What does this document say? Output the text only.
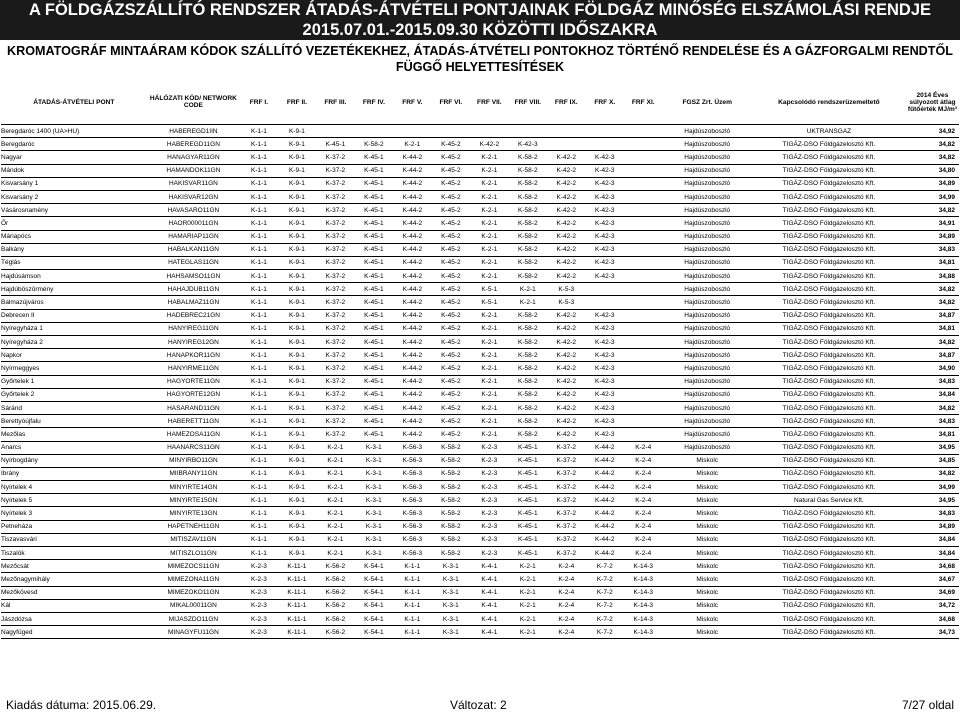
A FÖLDGÁZSZÁLLÍTÓ RENDSZER ÁTADÁS-ÁTVÉTELI PONTJAINAK FÖLDGÁZ MINŐSÉG ELSZÁMOLÁSI RENDJE 2015.07.01.-2015.09.30 KÖZÖTTI IDŐSZAKRA
KROMATOGRÁF MINTAÁRAM KÓDOK SZÁLLÍTÓ VEZETÉKEKHEZ, ÁTADÁS-ÁTVÉTELI PONTOKHOZ TÖRTÉNŐ RENDELÉSE ÉS A GÁZFORGALMI RENDTŐL FÜGGŐ HELYETTESÍTÉSEK
ÁTADÁS-ÁTVÉTELI PONT	HÁLÓZATI KÓD/ NETWORK CODE	FRF I.	FRF II.	FRF III.	FRF IV.	FRF V.	FRF VI.	FRF VII.	FRF VIII.	FRF IX.	FRF X.	FRF XI.	FGSZ Zrt. Üzem	Kapcsolódó rendszerüzemeltető	2014 Éves súlyozott átlag fűtőérték MJ/m³
Beregdaróc 1400 (UA>HU)	HABEREGD1IIN	K-1-1	K-9-1										Hajdúszoboszló	UKTRANSGAZ	34,92
Beregdaróc	HABEREGD11GN	K-1-1	K-9-1	K-45-1	K-58-2	K-2-1	K-45-2	K-42-2	K-42-3				Hajdúszoboszló	TIGÁZ-DSO Földgázelosztó Kft.	34,82
Nagyar	HANAGYAR11GN	K-1-1	K-9-1	K-37-2	K-45-1	K-44-2	K-45-2	K-2-1	K-58-2	K-42-2	K-42-3		Hajdúszoboszló	TIGÁZ-DSO Földgázelosztó Kft.	34,82
Mándok	HAMANDOK11GN	K-1-1	K-9-1	K-37-2	K-45-1	K-44-2	K-45-2	K-2-1	K-58-2	K-42-2	K-42-3		Hajdúszoboszló	TIGÁZ-DSO Földgázelosztó Kft.	34,80
Kisvarsány 1	HAKISVAR11GN	K-1-1	K-9-1	K-37-2	K-45-1	K-44-2	K-45-2	K-2-1	K-58-2	K-42-2	K-42-3		Hajdúszoboszló	TIGÁZ-DSO Földgázelosztó Kft.	34,89
Kisvarsány 2	HAKISVAR12GN	K-1-1	K-9-1	K-37-2	K-45-1	K-44-2	K-45-2	K-2-1	K-58-2	K-42-2	K-42-3		Hajdúszoboszló	TIGÁZ-DSO Földgázelosztó Kft.	34,99
Vásárosnamény	HAVASARO11GN	K-1-1	K-9-1	K-37-2	K-45-1	K-44-2	K-45-2	K-2-1	K-58-2	K-42-2	K-42-3		Hajdúszoboszló	TIGÁZ-DSO Földgázelosztó Kft.	34,82
Őr	HAOR000011GN	K-1-1	K-9-1	K-37-2	K-45-1	K-44-2	K-45-2	K-2-1	K-58-2	K-42-2	K-42-3		Hajdúszoboszló	TIGÁZ-DSO Földgázelosztó Kft.	34,91
Máriapócs	HAMARIAP11GN	K-1-1	K-9-1	K-37-2	K-45-1	K-44-2	K-45-2	K-2-1	K-58-2	K-42-2	K-42-3		Hajdúszoboszló	TIGÁZ-DSO Földgázelosztó Kft.	34,89
Balkány	HABALKAN11GN	K-1-1	K-9-1	K-37-2	K-45-1	K-44-2	K-45-2	K-2-1	K-58-2	K-42-2	K-42-3		Hajdúszoboszló	TIGÁZ-DSO Földgázelosztó Kft.	34,83
Téglás	HATEGLAS11GN	K-1-1	K-9-1	K-37-2	K-45-1	K-44-2	K-45-2	K-2-1	K-58-2	K-42-2	K-42-3		Hajdúszoboszló	TIGÁZ-DSO Földgázelosztó Kft.	34,81
Hajdúsámson	HAHSAMSO11GN	K-1-1	K-9-1	K-37-2	K-45-1	K-44-2	K-45-2	K-2-1	K-58-2	K-42-2	K-42-3		Hajdúszoboszló	TIGÁZ-DSO Földgázelosztó Kft.	34,88
Hajdúböszörmény	HAHAJDUB11GN	K-1-1	K-9-1	K-37-2	K-45-1	K-44-2	K-45-2	K-5-1	K-2-1	K-5-3			Hajdúszoboszló	TIGÁZ-DSO Földgázelosztó Kft.	34,82
Balmazújváros	HABALMAZ11GN	K-1-1	K-9-1	K-37-2	K-45-1	K-44-2	K-45-2	K-5-1	K-2-1	K-5-3			Hajdúszoboszló	TIGÁZ-DSO Földgázelosztó Kft.	34,82
Debrecen II	HADEBREC21GN	K-1-1	K-9-1	K-37-2	K-45-1	K-44-2	K-45-2	K-2-1	K-58-2	K-42-2	K-42-3		Hajdúszoboszló	TIGÁZ-DSO Földgázelosztó Kft.	34,87
Nyíregyháza 1	HANYIREG11GN	K-1-1	K-9-1	K-37-2	K-45-1	K-44-2	K-45-2	K-2-1	K-58-2	K-42-2	K-42-3		Hajdúszoboszló	TIGÁZ-DSO Földgázelosztó Kft.	34,81
Nyíregyháza 2	HANYIREG12GN	K-1-1	K-9-1	K-37-2	K-45-1	K-44-2	K-45-2	K-2-1	K-58-2	K-42-2	K-42-3		Hajdúszoboszló	TIGÁZ-DSO Földgázelosztó Kft.	34,82
Napkor	HANAPKOR11GN	K-1-1	K-9-1	K-37-2	K-45-1	K-44-2	K-45-2	K-2-1	K-58-2	K-42-2	K-42-3		Hajdúszoboszló	TIGÁZ-DSO Földgázelosztó Kft.	34,87
Nyírmeggyes	HANYIRME11GN	K-1-1	K-9-1	K-37-2	K-45-1	K-44-2	K-45-2	K-2-1	K-58-2	K-42-2	K-42-3		Hajdúszoboszló	TIGÁZ-DSO Földgázelosztó Kft.	34,90
Győrtelek 1	HAGYORTE11GN	K-1-1	K-9-1	K-37-2	K-45-1	K-44-2	K-45-2	K-2-1	K-58-2	K-42-2	K-42-3		Hajdúszoboszló	TIGÁZ-DSO Földgázelosztó Kft.	34,83
Győrtelek 2	HAGYORTE12GN	K-1-1	K-9-1	K-37-2	K-45-1	K-44-2	K-45-2	K-2-1	K-58-2	K-42-2	K-42-3		Hajdúszoboszló	TIGÁZ-DSO Földgázelosztó Kft.	34,84
Sáránd	HASARAND11GN	K-1-1	K-9-1	K-37-2	K-45-1	K-44-2	K-45-2	K-2-1	K-58-2	K-42-2	K-42-3		Hajdúszoboszló	TIGÁZ-DSO Földgázelosztó Kft.	34,82
Berettyóújfalu	HABERETT11GN	K-1-1	K-9-1	K-37-2	K-45-1	K-44-2	K-45-2	K-2-1	K-58-2	K-42-2	K-42-3		Hajdúszoboszló	TIGÁZ-DSO Földgázelosztó Kft.	34,83
Mezőlas	HAMEZOSA11GN	K-1-1	K-9-1	K-37-2	K-45-1	K-44-2	K-45-2	K-2-1	K-58-2	K-42-2	K-42-3		Hajdúszoboszló	TIGÁZ-DSO Földgázelosztó Kft.	34,81
Anarcs	HAANARCS11GN	K-1-1	K-9-1	K-2-1	K-3-1	K-56-3	K-58-2	K-2-3	K-45-1	K-37-2	K-44-2	K-2-4	Hajdúszoboszló	TIGÁZ-DSO Földgázelosztó Kft.	34,95
Nyírbogdány	MINYIRBO11GN	K-1-1	K-9-1	K-2-1	K-3-1	K-56-3	K-58-2	K-2-3	K-45-1	K-37-2	K-44-2	K-2-4	Miskolc	TIGÁZ-DSO Földgázelosztó Kft.	34,85
Ibrány	MIIBRANY11GN	K-1-1	K-9-1	K-2-1	K-3-1	K-56-3	K-58-2	K-2-3	K-45-1	K-37-2	K-44-2	K-2-4	Miskolc	TIGÁZ-DSO Földgázelosztó Kft.	34,82
Nyírtelek 4	MINYIRTE14GN	K-1-1	K-9-1	K-2-1	K-3-1	K-56-3	K-58-2	K-2-3	K-45-1	K-37-2	K-44-2	K-2-4	Miskolc	TIGÁZ-DSO Földgázelosztó Kft.	34,99
Nyírtelek 5	MINYIRTE15GN	K-1-1	K-9-1	K-2-1	K-3-1	K-56-3	K-58-2	K-2-3	K-45-1	K-37-2	K-44-2	K-2-4	Miskolc	Natural Gas Service Kft.	34,95
Nyírtelek 3	MINYIRTE13GN	K-1-1	K-9-1	K-2-1	K-3-1	K-56-3	K-58-2	K-2-3	K-45-1	K-37-2	K-44-2	K-2-4	Miskolc	TIGÁZ-DSO Földgázelosztó Kft.	34,83
Petneháza	HAPETNEH11GN	K-1-1	K-9-1	K-2-1	K-3-1	K-56-3	K-58-2	K-2-3	K-45-1	K-37-2	K-44-2	K-2-4	Miskolc	TIGÁZ-DSO Földgázelosztó Kft.	34,89
Tiszavasvári	MITISZAV11GN	K-1-1	K-9-1	K-2-1	K-3-1	K-56-3	K-58-2	K-2-3	K-45-1	K-37-2	K-44-2	K-2-4	Miskolc	TIGÁZ-DSO Földgázelosztó Kft.	34,84
Tiszalök	MITISZLO11GN	K-1-1	K-9-1	K-2-1	K-3-1	K-56-3	K-58-2	K-2-3	K-45-1	K-37-2	K-44-2	K-2-4	Miskolc	TIGÁZ-DSO Földgázelosztó Kft.	34,84
Mezőcsát	MIMEZOCS11GN	K-2-3	K-11-1	K-56-2	K-54-1	K-1-1	K-3-1	K-4-1	K-2-1	K-2-4	K-7-2	K-14-3	Miskolc	TIGÁZ-DSO Földgázelosztó Kft.	34,68
Mezőnagymihály	MIMEZONA11GN	K-2-3	K-11-1	K-56-2	K-54-1	K-1-1	K-3-1	K-4-1	K-2-1	K-2-4	K-7-2	K-14-3	Miskolc	TIGÁZ-DSO Földgázelosztó Kft.	34,67
Mezőkövesd	MIMEZOKO11GN	K-2-3	K-11-1	K-56-2	K-54-1	K-1-1	K-3-1	K-4-1	K-2-1	K-2-4	K-7-2	K-14-3	Miskolc	TIGÁZ-DSO Földgázelosztó Kft.	34,69
Kál	MIKAL00011GN	K-2-3	K-11-1	K-56-2	K-54-1	K-1-1	K-3-1	K-4-1	K-2-1	K-2-4	K-7-2	K-14-3	Miskolc	TIGÁZ-DSO Földgázelosztó Kft.	34,72
Jászdózsa	MIJASZDO11GN	K-2-3	K-11-1	K-56-2	K-54-1	K-1-1	K-3-1	K-4-1	K-2-1	K-2-4	K-7-2	K-14-3	Miskolc	TIGÁZ-DSO Földgázelosztó Kft.	34,68
Nagyfüged	MINAGYFU11GN	K-2-3	K-11-1	K-56-2	K-54-1	K-1-1	K-3-1	K-4-1	K-2-1	K-2-4	K-7-2	K-14-3	Miskolc	TIGÁZ-DSO Földgázelosztó Kft.	34,73
Kiadás dátuma: 2015.06.29.	Változat: 2	7/27 oldal
